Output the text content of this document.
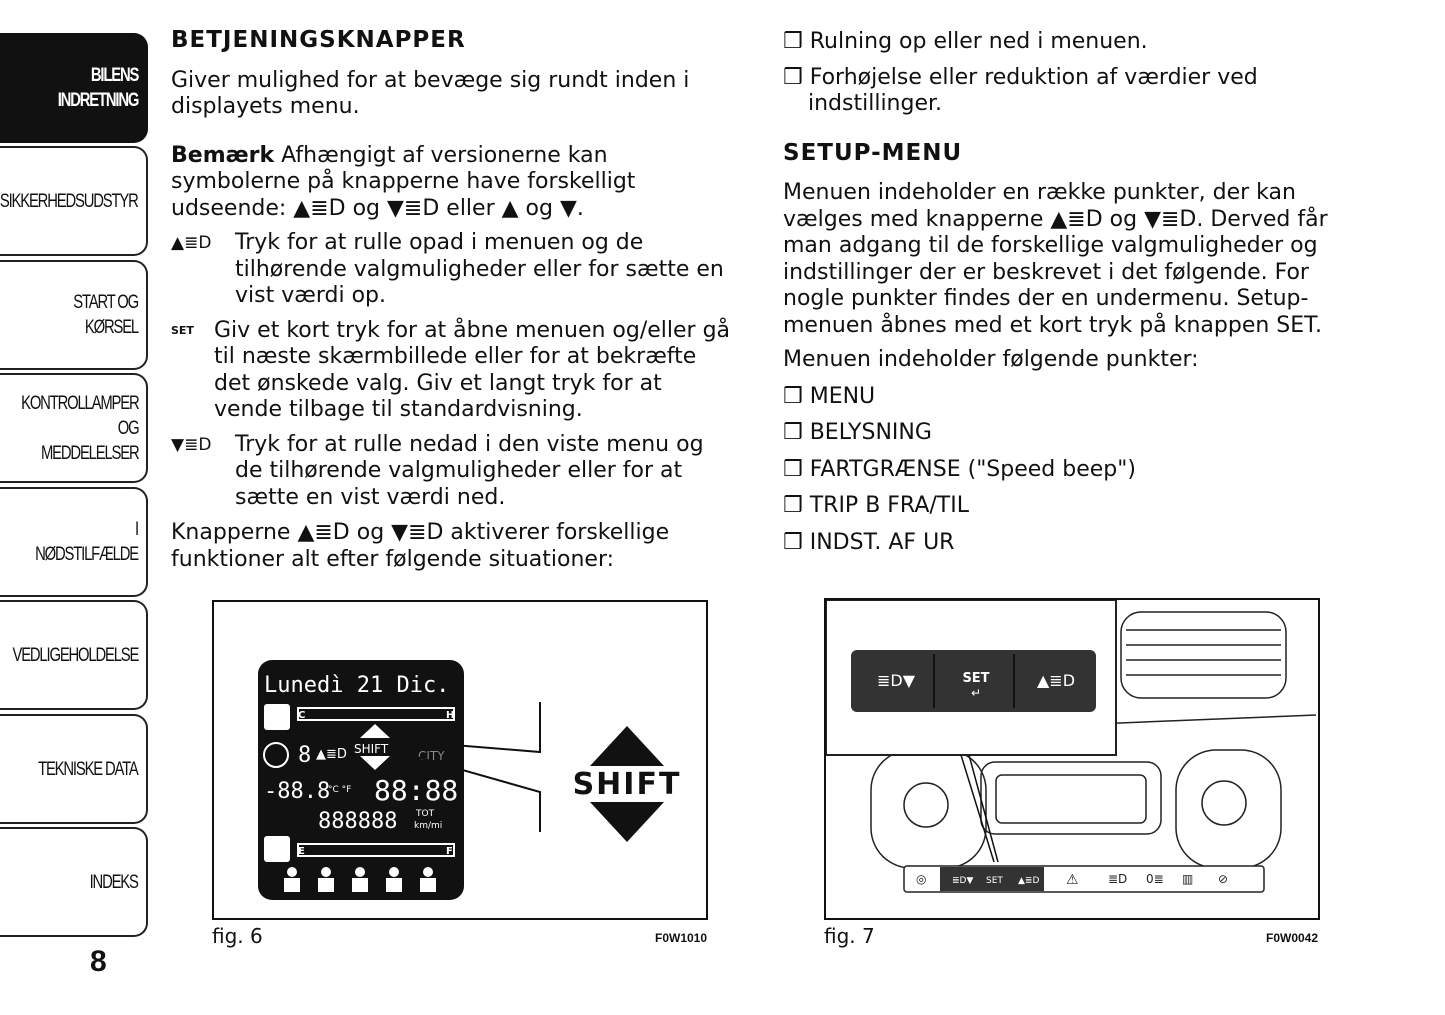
BILENS
INDRETNING
SIKKERHEDSUDSTYR
START OG KØRSEL
KONTROLLAMPER
OG MEDDELELSER
I NØDSTILFÆLDE
VEDLIGEHOLDELSE
TEKNISKE DATA
INDEKS
8

BETJENINGSKNAPPER

Giver mulighed for at bevæge sig rundt inden i displayets menu.

Bemærk Afhængigt af versionerne kan symbolerne på knapperne have forskelligt udseende: ▲≣D og ▼≣D eller ▲ og ▼.

▲≣D Tryk for at rulle opad i menuen og de tilhørende valgmuligheder eller for sætte en vist værdi op.

SET Giv et kort tryk for at åbne menuen og/eller gå til næste skærmbillede eller for at bekræfte det ønskede valg. Giv et langt tryk for at vende tilbage til standardvisning.

▼≣D Tryk for at rulle nedad i den viste menu og de tilhørende valgmuligheder eller for at sætte en vist værdi ned.

Knapperne ▲≣D og ▼≣D aktiverer forskellige funktioner alt efter følgende situationer:

Lunedì 21 Dic.
C	H
8 ▲≣D SHIFT CITY
-88.8
°C °F 88:88
888888 TOT
km/mi
E	F
SHIFT
fig. 6	F0W1010

❒ Rulning op eller ned i menuen.

❒ Forhøjelse eller reduktion af værdier ved indstillinger.

SETUP-MENU

Menuen indeholder en række punkter, der kan vælges med knapperne ▲≣D og ▼≣D. Derved får man adgang til de forskellige valgmuligheder og indstillinger der er beskrevet i det følgende. For nogle punkter findes der en undermenu. Setup-menuen åbnes med et kort tryk på knappen SET.

Menuen indeholder følgende punkter:

❒ MENU

❒ BELYSNING

❒ FARTGRÆNSE ("Speed beep")

❒ TRIP B FRA/TIL

❒ INDST. AF UR

≣D▼	SET
↵
▲≣D
◎	≣D▼ SET ▲≣D ⚠ ≣D 0≣ ▥ ⊘
fig. 7	F0W0042
